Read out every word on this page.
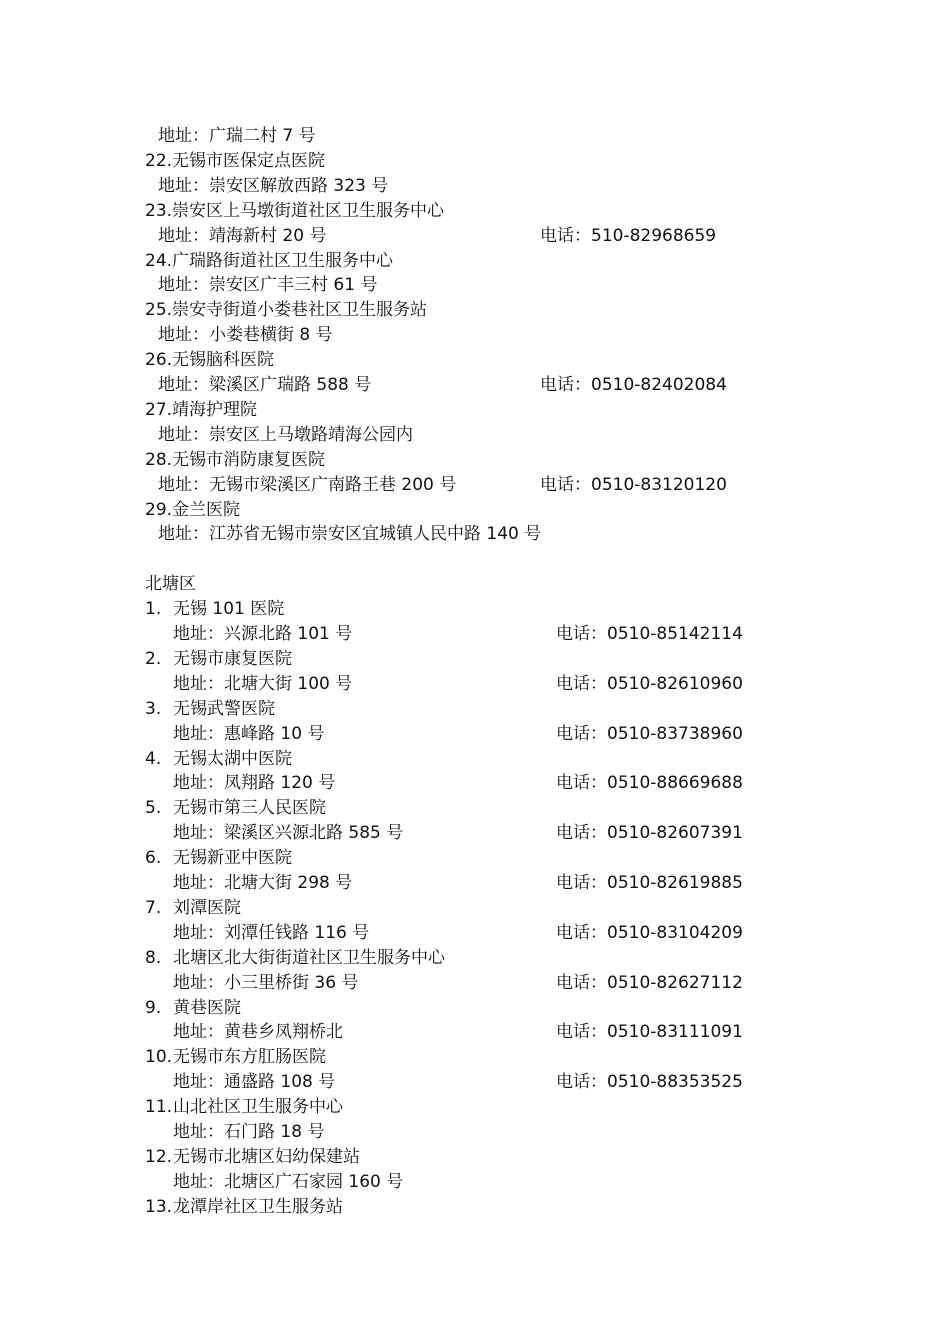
地址：广瑞二村 7 号
22.无锡市医保定点医院
地址：崇安区解放西路 323 号
23.崇安区上马墩街道社区卫生服务中心
地址：靖海新村 20 号	电话：510-82968659
24.广瑞路街道社区卫生服务中心
地址：崇安区广丰三村 61 号
25.崇安寺街道小娄巷社区卫生服务站
地址：小娄巷横街 8 号
26.无锡脑科医院
地址：梁溪区广瑞路 588 号	电话：0510-82402084
27.靖海护理院
地址：崇安区上马墩路靖海公园内
28.无锡市消防康复医院
地址：无锡市梁溪区广南路王巷 200 号	电话：0510-83120120
29.金兰医院
地址：江苏省无锡市崇安区宜城镇人民中路 140 号
北塘区
1. 无锡 101 医院
地址：兴源北路 101 号	电话：0510-85142114
2. 无锡市康复医院
地址：北塘大街 100 号	电话：0510-82610960
3. 无锡武警医院
地址：惠峰路 10 号	电话：0510-83738960
4. 无锡太湖中医院
地址：凤翔路 120 号	电话：0510-88669688
5. 无锡市第三人民医院
地址：梁溪区兴源北路 585 号	电话：0510-82607391
6. 无锡新亚中医院
地址：北塘大街 298 号	电话：0510-82619885
7. 刘潭医院
地址：刘潭任钱路 116 号	电话：0510-83104209
8. 北塘区北大街街道社区卫生服务中心
地址：小三里桥街 36 号	电话：0510-82627112
9. 黄巷医院
地址：黄巷乡凤翔桥北	电话：0510-83111091
10.无锡市东方肛肠医院
地址：通盛路 108 号	电话：0510-88353525
11.山北社区卫生服务中心
地址：石门路 18 号
12.无锡市北塘区妇幼保建站
地址：北塘区广石家园 160 号
13.龙潭岸社区卫生服务站
